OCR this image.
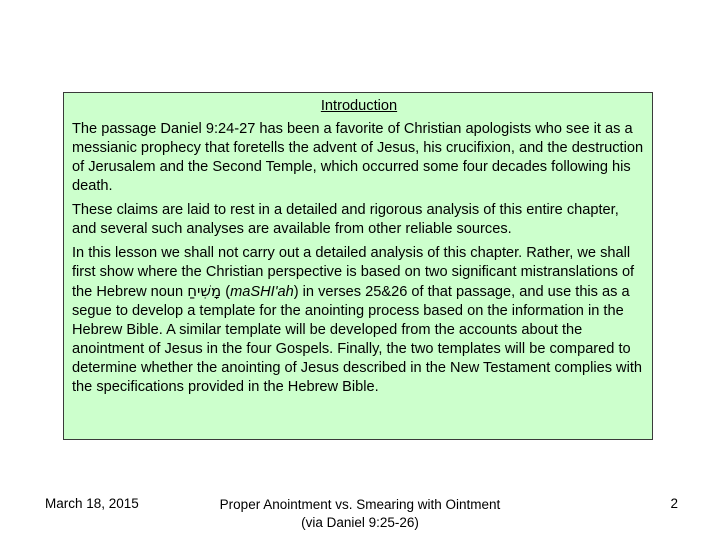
Introduction

The passage Daniel 9:24-27 has been a favorite of Christian apologists who see it as a messianic prophecy that foretells the advent of Jesus, his crucifixion, and the destruction of Jerusalem and the Second Temple, which occurred some four decades following his death.

These claims are laid to rest in a detailed and rigorous analysis of this entire chapter, and several such analyses are available from other reliable sources.

In this lesson we shall not carry out a detailed analysis of this chapter. Rather, we shall first show where the Christian perspective is based on two significant mistranslations of the Hebrew noun מָשִׁיחַ (maSHI'ah) in verses 25&26 of that passage, and use this as a segue to develop a template for the anointing process based on the information in the Hebrew Bible. A similar template will be developed from the accounts about the anointment of Jesus in the four Gospels. Finally, the two templates will be compared to determine whether the anointing of Jesus described in the New Testament complies with the specifications provided in the Hebrew Bible.

March 18, 2015	Proper Anointment vs. Smearing with Ointment
(via Daniel 9:25-26)
2
